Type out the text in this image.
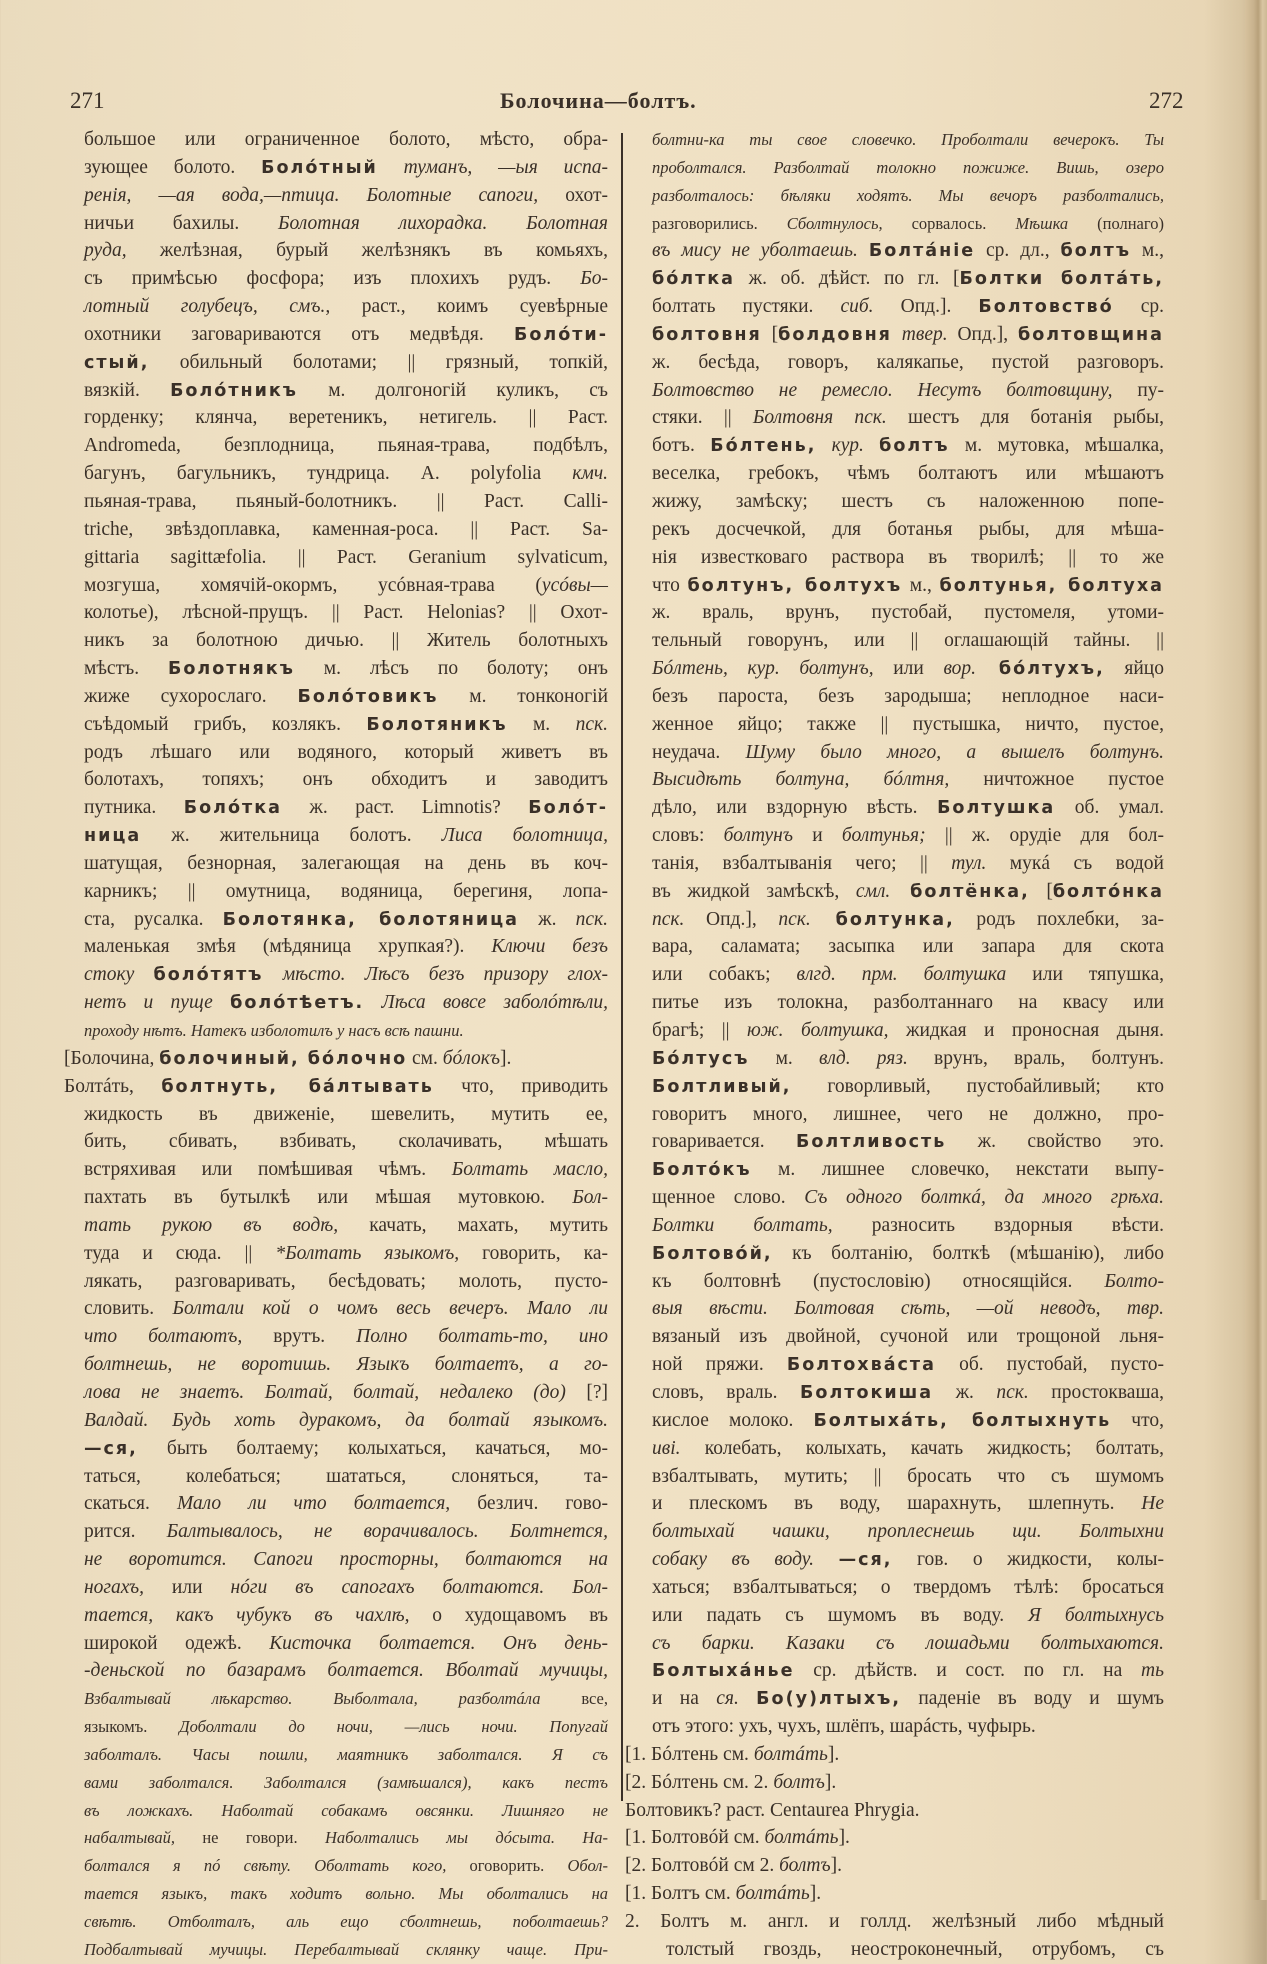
271	Болочина—болтъ.	272
большое или ограниченное болото, мѣсто, обра-
зующее болото. Болóтный туманъ, —ыя испа-
ренія, —ая вода,—птица. Болотные сапоги, охот-
ничьи бахилы. Болотная лихорадка. Болотная
руда, желѣзная, бурый желѣзнякъ въ комьяхъ,
съ примѣсью фосфора; изъ плохихъ рудъ. Бо-
лотный голубецъ, смъ., раст., коимъ суевѣрные
охотники заговариваются отъ медвѣдя. Болóти-
стый, обильный болотами; || грязный, топкій,
вязкій. Болóтникъ м. долгоногій куликъ, съ
горденку; клянча, веретеникъ, нетигель. || Раст.
Andromeda, безплодница, пьяная-трава, подбѣлъ,
багунъ, багульникъ, тундрица. A. polyfolia кмч.
пьяная-трава, пьяный-болотникъ. || Раст. Calli-
triche, звѣздоплавка, каменная-роса. || Раст. Sa-
gittaria sagittæfolia. || Раст. Geranium sylvaticum,
мозгуша, хомячій-окормъ, усóвная-трава (усóвы—
колотье), лѣсной-прущъ. || Раст. Helonias? || Охот-
никъ за болотною дичью. || Житель болотныхъ
мѣстъ. Болотнякъ м. лѣсъ по болоту; онъ
жиже сухорослаго. Болóтовикъ м. тонконогій
съѣдомый грибъ, козлякъ. Болотяникъ м. пск.
родъ лѣшаго или водяного, который живетъ въ
болотахъ, топяхъ; онъ обходитъ и заводитъ
путника. Болóтка ж. раст. Limnotis? Болóт-
ница ж. жительница болотъ. Лиса болотница,
шатущая, безнорная, залегающая на день въ коч-
карникъ; || омутница, водяница, берегиня, лопа-
ста, русалка. Болотянка, болотяница ж. пск.
маленькая змѣя (мѣдяница хрупкая?). Ключи безъ
стоку болóтятъ мѣсто. Лѣсъ безъ призору глох-
нетъ и пуще болóтѣетъ. Лѣса вовсе заболóтѣли,
проходу нѣтъ. Натекъ изболотилъ у насъ всѣ пашни.
[Болочина, болочиный, бóлочно см. бóлокъ].
Болтáть, болтнуть, бáлтывать что, приводить
жидкость въ движеніе, шевелить, мутить ее,
бить, сбивать, взбивать, сколачивать, мѣшать
встряхивая или помѣшивая чѣмъ. Болтать масло,
пахтать въ бутылкѣ или мѣшая мутовкою. Бол-
тать рукою въ водѣ, качать, махать, мутить
туда и сюда. || *Болтать языкомъ, говорить, ка-
лякать, разговаривать, бесѣдовать; молоть, пусто-
словить. Болтали кой о чомъ весь вечеръ. Мало ли
что болтаютъ, врутъ. Полно болтать-то, ино
болтнешь, не воротишь. Языкъ болтаетъ, а го-
лова не знаетъ. Болтай, болтай, недалеко (до) [?]
Валдай. Будь хоть дуракомъ, да болтай языкомъ.
—ся, быть болтаему; колыхаться, качаться, мо-
таться, колебаться; шататься, слоняться, та-
скаться. Мало ли что болтается, безлич. гово-
рится. Балтывалось, не ворачивалось. Болтнется,
не воротится. Сапоги просторны, болтаются на
ногахъ, или нóги въ сапогахъ болтаются. Бол-
тается, какъ чубукъ въ чахлѣ, о худощавомъ въ
широкой одежѣ. Кисточка болтается. Онъ день-
-деньской по базарамъ болтается. Вболтай мучицы,
Взбалтывай лѣкарство. Выболтала, разболтáла все,
языкомъ. Доболтали до ночи, —лись ночи. Попугай
заболталъ. Часы пошли, маятникъ заболтался. Я съ
вами заболтался. Заболтался (замѣшался), какъ пестъ
въ ложкахъ. Наболтай собакамъ овсянки. Лишняго не
набалтывай, не говори. Наболтались мы дóсыта. На-
болтался я пó свѣту. Оболтать кого, оговорить. Обол-
тается языкъ, такъ ходитъ вольно. Мы оболтались на
свѣтѣ. Отболталъ, аль ещо сболтнешь, поболтаешь?
Подбалтывай мучицы. Перебалтывай склянку чаще. При-
болтни-ка ты свое словечко. Проболтали вечерокъ. Ты
проболтался. Разболтай толокно пожиже. Вишь, озеро
разболталось: бѣляки ходятъ. Мы вечоръ разболтались,
разговорились. Сболтнулось, сорвалось. Мѣшка (полнаго)
въ мису не уболтаешь. Болтáніе ср. дл., болтъ м.,
бóлтка ж. об. дѣйст. по гл. [Болтки болтáть,
болтать пустяки. сиб. Опд.]. Болтовствó ср.
болтовня [болдовня твер. Опд.], болтовщина
ж. бесѣда, говоръ, калякапье, пустой разговоръ.
Болтовство не ремесло. Несутъ болтовщину, пу-
стяки. || Болтовня пск. шестъ для ботанія рыбы,
ботъ. Бóлтень, кур. болтъ м. мутовка, мѣшалка,
веселка, гребокъ, чѣмъ болтаютъ или мѣшаютъ
жижу, замѣску; шестъ съ наложенною попе-
рекъ досчечкой, для ботанья рыбы, для мѣша-
нія известковаго раствора въ творилѣ; || то же
что болтунъ, болтухъ м., болтунья, болтуха
ж. враль, врунъ, пустобай, пустомеля, утоми-
тельный говорунъ, или || оглашающій тайны. ||
Бóлтень, кур. болтунъ, или вор. бóлтухъ, яйцо
безъ пароста, безъ зародыша; неплодное наси-
женное яйцо; также || пустышка, ничто, пустое,
неудача. Шуму было много, а вышелъ болтунъ.
Высидѣть болтуна, бóлтня, ничтожное пустое
дѣло, или вздорную вѣсть. Болтушка об. умал.
словъ: болтунъ и болтунья; || ж. орудіе для бол-
танія, взбалтыванія чего; || тул. мукá съ водой
въ жидкой замѣскѣ, смл. болтёнка, [болтóнка
пск. Опд.], пск. болтунка, родъ похлебки, за-
вара, саламата; засыпка или запара для скота
или собакъ; влгд. прм. болтушка или тяпушка,
питье изъ толокна, разболтаннаго на квасу или
брагѣ; || юж. болтушка, жидкая и проносная дыня.
Бóлтусъ м. влд. ряз. врунъ, враль, болтунъ.
Болтливый, говорливый, пустобайливый; кто
говоритъ много, лишнее, чего не должно, про-
говаривается. Болтливость ж. свойство это.
Болтóкъ м. лишнее словечко, некстати выпу-
щенное слово. Съ одного болткá, да много грѣха.
Болтки болтать, разносить вздорныя вѣсти.
Болтовóй, къ болтанію, болткѣ (мѣшанію), либо
къ болтовнѣ (пустословію) относящійся. Болто-
выя вѣсти. Болтовая сѣть, —ой неводъ, твр.
вязаный изъ двойной, сучоной или трощоной льня-
ной пряжи. Болтохвáста об. пустобай, пусто-
словъ, враль. Болтокиша ж. пск. простокваша,
кислое молоко. Болтыхáть, болтыхнуть что,
иві. колебать, колыхать, качать жидкость; болтать,
взбалтывать, мутить; || бросать что съ шумомъ
и плескомъ въ воду, шарахнуть, шлепнуть. Не
болтыхай чашки, проплеснешь щи. Болтыхни
собаку въ воду. —ся, гов. о жидкости, колы-
хаться; взбалтываться; о твердомъ тѣлѣ: бросаться
или падать съ шумомъ въ воду. Я болтыхнусь
съ барки. Казаки съ лошадьми болтыхаются.
Болтыхáнье ср. дѣйств. и сост. по гл. на ть
и на ся. Бо(у)лтыхъ, паденіе въ воду и шумъ
отъ этого: ухъ, чухъ, шлёпъ, шарáсть, чуфырь.
[1. Бóлтень см. болтáть].
[2. Бóлтень см. 2. болтъ].
Болтовикъ? раст. Centaurea Phrygia.
[1. Болтовóй см. болтáть].
[2. Болтовóй см 2. болтъ].
[1. Болтъ см. болтáть].
2. Болтъ м. англ. и голлд. желѣзный либо мѣдный
толстый гвоздь, неостроконечный, отрубомъ, съ
